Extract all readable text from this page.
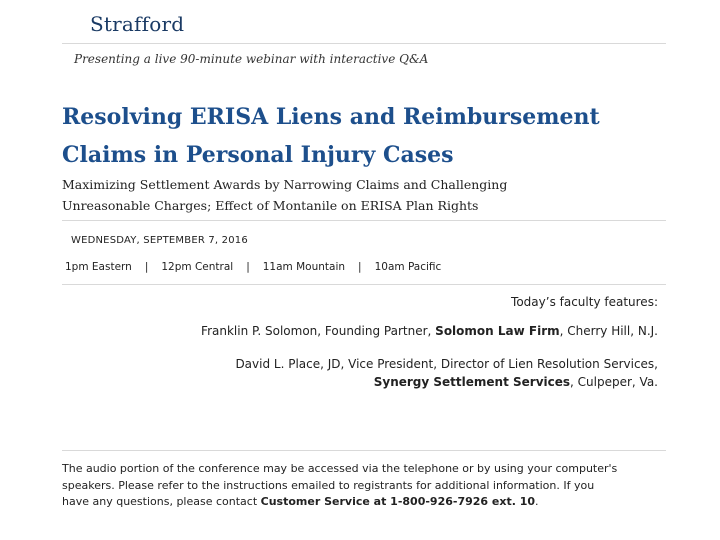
Strafford
Presenting a live 90-minute webinar with interactive Q&A
Resolving ERISA Liens and Reimbursement
Claims in Personal Injury Cases
Maximizing Settlement Awards by Narrowing Claims and Challenging
Unreasonable Charges; Effect of Montanile on ERISA Plan Rights
WEDNESDAY, SEPTEMBER 7, 2016
1pm Eastern | 12pm Central | 11am Mountain | 10am Pacific
Today’s faculty features:
Franklin P. Solomon, Founding Partner, Solomon Law Firm, Cherry Hill, N.J.
David L. Place, JD, Vice President, Director of Lien Resolution Services,
Synergy Settlement Services, Culpeper, Va.
The audio portion of the conference may be accessed via the telephone or by using your computer's
speakers. Please refer to the instructions emailed to registrants for additional information. If you
have any questions, please contact Customer Service at 1-800-926-7926 ext. 10.
